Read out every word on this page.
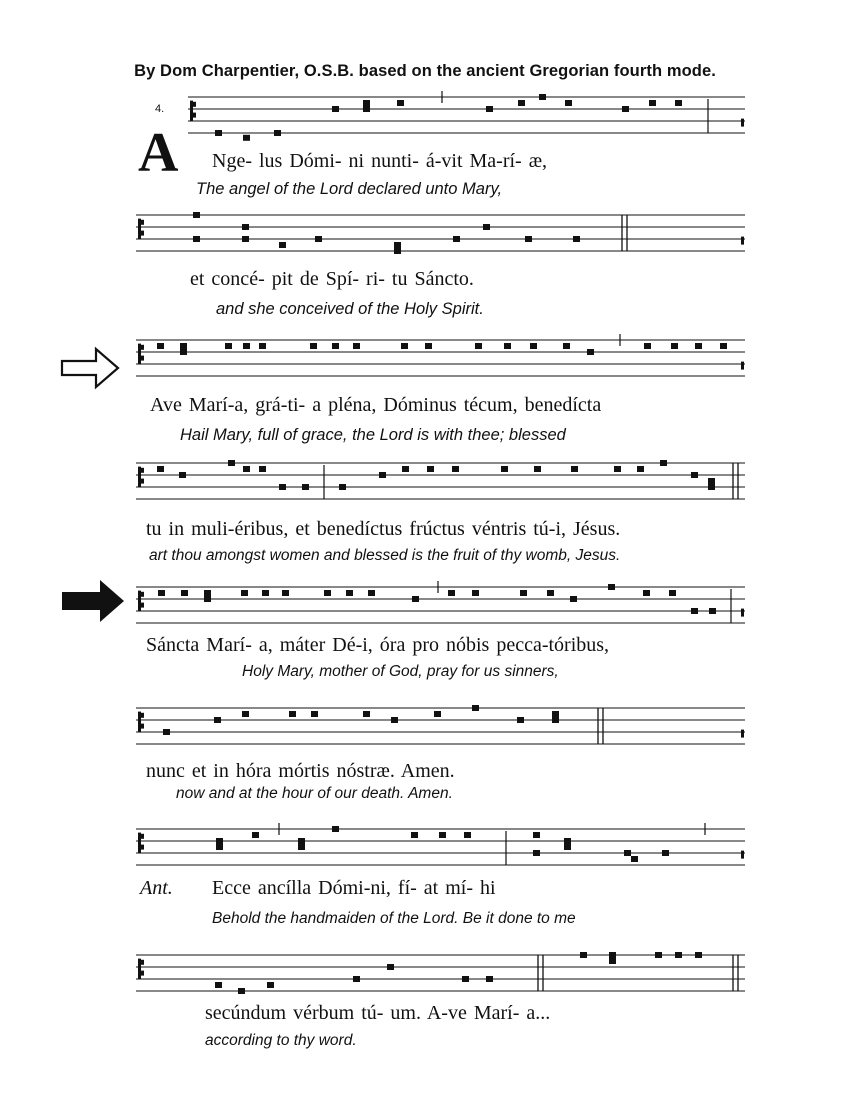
By Dom Charpentier, O.S.B. based on the ancient Gregorian fourth mode.
4.
A
Ant.
Nge- lus Dómi- ni nunti- á-vit Ma-rí- æ,
The angel of the Lord declared unto Mary,
et concé- pit de Spí- ri- tu Sáncto.
and she conceived of the Holy Spirit.
Ave Marí-a, grá-ti- a pléna, Dóminus técum, benedícta
Hail Mary, full of grace, the Lord is with thee; blessed
tu in muli-éribus, et benedíctus frúctus véntris tú-i, Jésus.
art thou amongst women and blessed is the fruit of thy womb, Jesus.
Sáncta Marí- a, máter Dé-i, óra pro nóbis pecca-tóribus,
Holy Mary, mother of God, pray for us sinners,
nunc et in hóra mórtis nóstræ. Amen.
now and at the hour of our death. Amen.
Ecce ancílla Dómi-ni, fí- at mí- hi
Behold the handmaiden of the Lord. Be it done to me
secúndum vérbum tú- um. A-ve Marí- a...
according to thy word.
